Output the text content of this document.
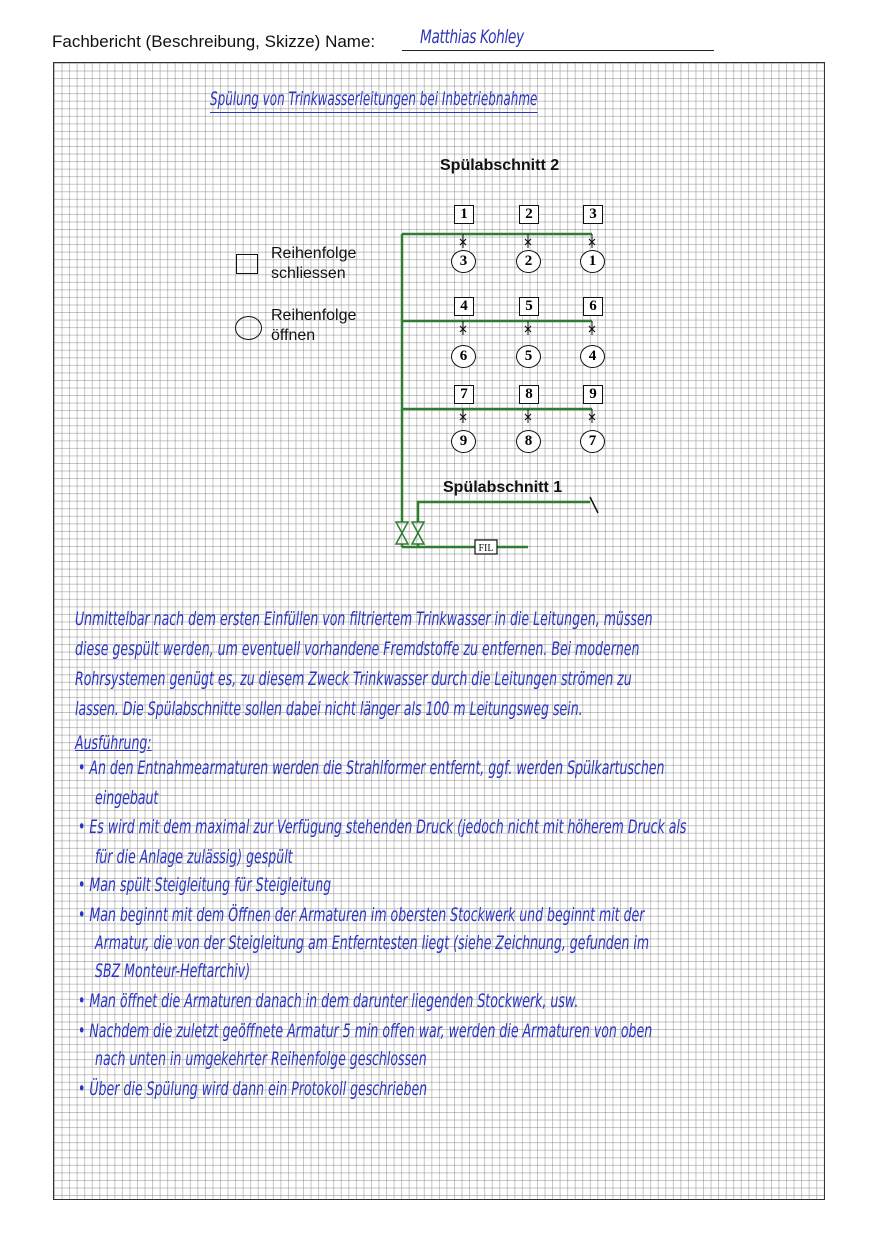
Fachbericht (Beschreibung, Skizze) Name: Matthias Kohley
Spülung von Trinkwasserleitungen bei Inbetriebnahme
Reihenfolge
schliessen
Reihenfolge
öffnen
Spülabschnitt 2
Spülabschnitt 1
FIL
1
3
2
2
3
1
4
6
5
5
6
4
7
9
8
8
9
7
Unmittelbar nach dem ersten Einfüllen von filtriertem Trinkwasser in die Leitungen, müssen
diese gespült werden, um eventuell vorhandene Fremdstoffe zu entfernen. Bei modernen
Rohrsystemen genügt es, zu diesem Zweck Trinkwasser durch die Leitungen strömen zu
lassen. Die Spülabschnitte sollen dabei nicht länger als 100 m Leitungsweg sein.
Ausführung:
• An den Entnahmearmaturen werden die Strahlformer entfernt, ggf. werden Spülkartuschen
eingebaut
• Es wird mit dem maximal zur Verfügung stehenden Druck (jedoch nicht mit höherem Druck als
für die Anlage zulässig) gespült
• Man spült Steigleitung für Steigleitung
• Man beginnt mit dem Öffnen der Armaturen im obersten Stockwerk und beginnt mit der
Armatur, die von der Steigleitung am Entferntesten liegt (siehe Zeichnung, gefunden im
SBZ Monteur-Heftarchiv)
• Man öffnet die Armaturen danach in dem darunter liegenden Stockwerk, usw.
• Nachdem die zuletzt geöffnete Armatur 5 min offen war, werden die Armaturen von oben
nach unten in umgekehrter Reihenfolge geschlossen
• Über die Spülung wird dann ein Protokoll geschrieben
